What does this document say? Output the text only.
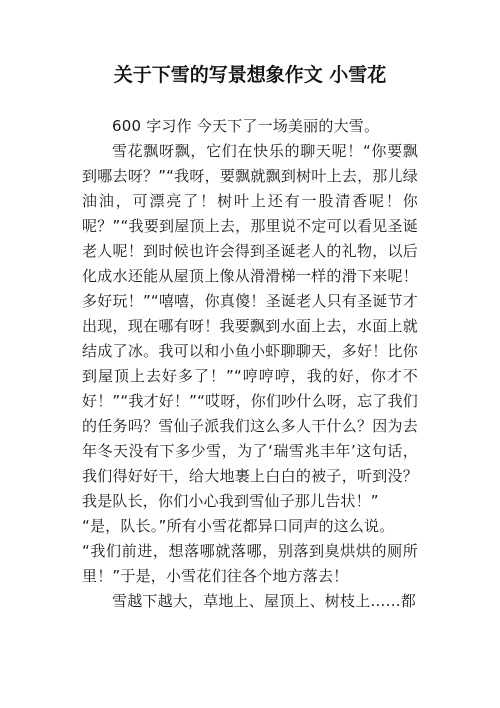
关于下雪的写景想象作文 小雪花

600 字习作 今天下了一场美丽的大雪。

雪花飘呀飘，它们在快乐的聊天呢！“你要飘到哪去呀？”“我呀，要飘就飘到树叶上去，那儿绿油油，可漂亮了！树叶上还有一股清香呢！你呢？”“我要到屋顶上去，那里说不定可以看见圣诞老人呢！到时候也许会得到圣诞老人的礼物，以后化成水还能从屋顶上像从滑滑梯一样的滑下来呢！多好玩！”“嘻嘻，你真傻！圣诞老人只有圣诞节才出现，现在哪有呀！我要飘到水面上去，水面上就结成了冰。我可以和小鱼小虾聊聊天，多好！比你到屋顶上去好多了！”“哼哼哼，我的好，你才不好！”“我才好！”“哎呀，你们吵什么呀，忘了我们的任务吗？雪仙子派我们这么多人干什么？因为去年冬天没有下多少雪，为了‘瑞雪兆丰年’这句话，我们得好好干，给大地裹上白白的被子，听到没？我是队长，你们小心我到雪仙子那儿告状！”

“是，队长。”所有小雪花都异口同声的这么说。

“我们前进，想落哪就落哪，别落到臭烘烘的厕所里！”于是，小雪花们往各个地方落去！

雪越下越大，草地上、屋顶上、树枝上……都
